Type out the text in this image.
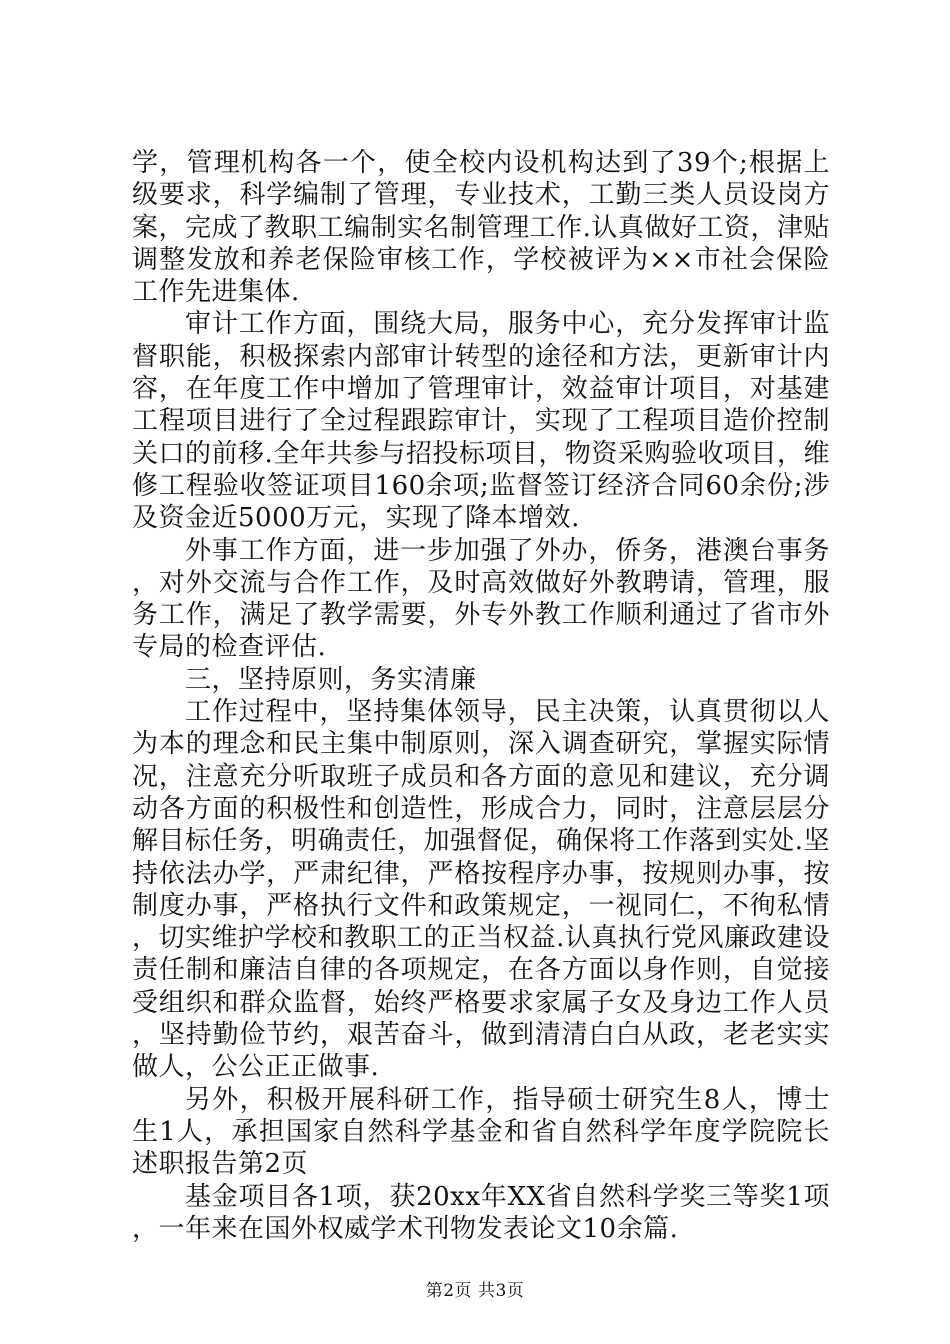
学，管理机构各一个，使全校内设机构达到了39个;根据上级要求，科学编制了管理，专业技术，工勤三类人员设岗方案，完成了教职工编制实名制管理工作.认真做好工资，津贴调整发放和养老保险审核工作，学校被评为××市社会保险工作先进集体.

审计工作方面，围绕大局，服务中心，充分发挥审计监督职能，积极探索内部审计转型的途径和方法，更新审计内容，在年度工作中增加了管理审计，效益审计项目，对基建工程项目进行了全过程跟踪审计，实现了工程项目造价控制关口的前移.全年共参与招投标项目，物资采购验收项目，维修工程验收签证项目160余项;监督签订经济合同60余份;涉及资金近5000万元，实现了降本增效.

外事工作方面，进一步加强了外办，侨务，港澳台事务，对外交流与合作工作，及时高效做好外教聘请，管理，服务工作，满足了教学需要，外专外教工作顺利通过了省市外专局的检查评估.

三，坚持原则，务实清廉

工作过程中，坚持集体领导，民主决策，认真贯彻以人为本的理念和民主集中制原则，深入调查研究，掌握实际情况，注意充分听取班子成员和各方面的意见和建议，充分调动各方面的积极性和创造性，形成合力，同时，注意层层分解目标任务，明确责任，加强督促，确保将工作落到实处.坚持依法办学，严肃纪律，严格按程序办事，按规则办事，按制度办事，严格执行文件和政策规定，一视同仁，不徇私情，切实维护学校和教职工的正当权益.认真执行党风廉政建设责任制和廉洁自律的各项规定，在各方面以身作则，自觉接受组织和群众监督，始终严格要求家属子女及身边工作人员，坚持勤俭节约，艰苦奋斗，做到清清白白从政，老老实实做人，公公正正做事.

另外，积极开展科研工作，指导硕士研究生8人，博士生1人，承担国家自然科学基金和省自然科学年度学院院长述职报告第2页

基金项目各1项，获20xx年XX省自然科学奖三等奖1项，一年来在国外权威学术刊物发表论文10余篇.

第2页 共3页
